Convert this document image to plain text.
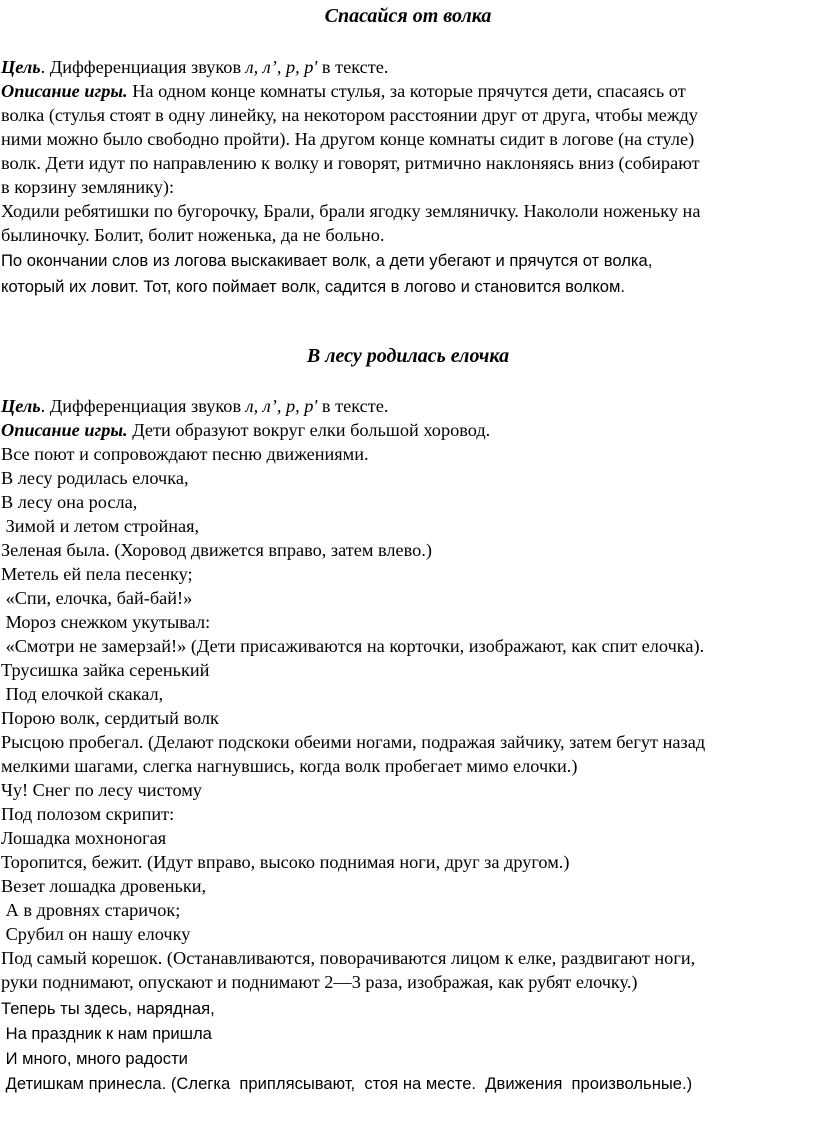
Спасайся от волка

Цель. Дифференциация звуков л, л’, р, р' в тексте.

Описание игры. На одном конце комнаты стулья, за которые прячутся дети, спасаясь от

волка (стулья стоят в одну линейку, на некотором расстоянии друг от друга, чтобы между

ними можно было свободно пройти). На другом конце комнаты сидит в логове (на стуле)

волк. Дети идут по направлению к волку и говорят, ритмично наклоняясь вниз (собирают

в корзину землянику):

Ходили ребятишки по бугорочку, Брали, брали ягодку земляничку. Накололи ноженьку на

былиночку. Болит, болит ноженька, да не больно.

По окончании слов из логова выскакивает волк, а дети убегают и прячутся от волка,

который их ловит. Тот, кого поймает волк, садится в логово и становится волком.

В лесу родилась елочка

Цель. Дифференциация звуков л, л’, р, р' в тексте.

Описание игры. Дети образуют вокруг елки большой хоровод.

Все поют и сопровождают песню движениями.

В лесу родилась елочка,

В лесу она росла,

Зимой и летом стройная,

Зеленая была. (Хоровод движется вправо, затем влево.)

Метель ей пела песенку;

«Спи, елочка, бай-бай!»

Мороз снежком укутывал:

«Смотри не замерзай!» (Дети присаживаются на корточки, изображают, как спит елочка).

Трусишка зайка серенький

Под елочкой скакал,

Порою волк, сердитый волк

Рысцою пробегал. (Делают подскоки обеими ногами, подражая зайчику, затем бегут назад

мелкими шагами, слегка нагнувшись, когда волк пробегает мимо елочки.)

Чу! Снег по лесу чистому

Под полозом скрипит:

Лошадка мохноногая

Торопится, бежит. (Идут вправо, высоко поднимая ноги, друг за другом.)

Везет лошадка дровеньки,

А в дровнях старичок;

Срубил он нашу елочку

Под самый корешок. (Останавливаются, поворачиваются лицом к елке, раздвигают ноги,

руки поднимают, опускают и поднимают 2—3 раза, изображая, как рубят елочку.)

Теперь ты здесь, нарядная,

На праздник к нам пришла

И много, много радости

Детишкам принесла. (Слегка  приплясывают,  стоя на месте.  Движения  произвольные.)
